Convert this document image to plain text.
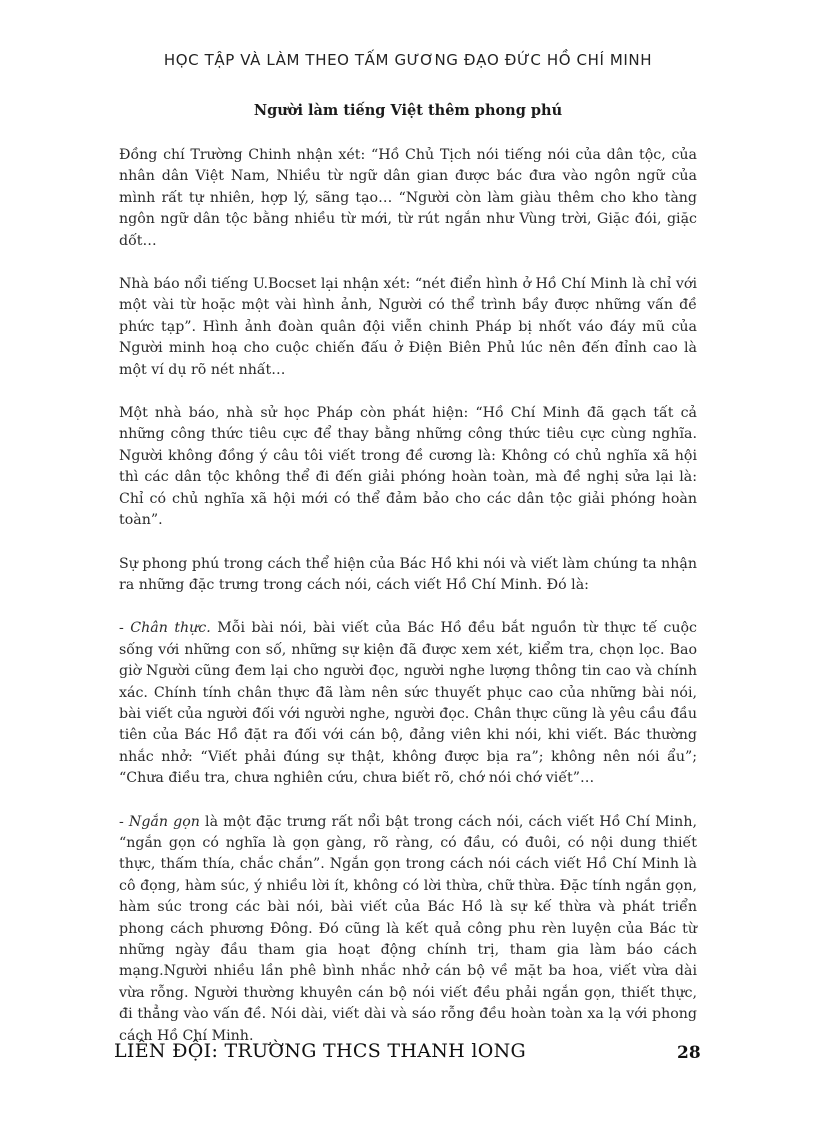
HỌC TẬP VÀ LÀM THEO TẤM GƯƠNG ĐẠO ĐỨC HỒ CHÍ MINH
Người làm tiếng Việt thêm phong phú

Đồng chí Trường Chinh nhận xét: “Hồ Chủ Tịch nói tiếng nói của dân tộc, của nhân dân Việt Nam, Nhiều từ ngữ dân gian được bác đưa vào ngôn ngữ của mình rất tự nhiên, hợp lý, sãng tạo… “Người còn làm giàu thêm cho kho tàng ngôn ngữ dân tộc bằng nhiều từ mới, từ rút ngắn như Vùng trời, Giặc đói, giặc dốt…

Nhà báo nổi tiếng U.Bocset lại nhận xét: “nét điển hình ở Hồ Chí Minh là chỉ với một vài từ hoặc một vài hình ảnh, Người có thể trình bầy được những vấn đề phức tạp”. Hình ảnh đoàn quân đội viễn chinh Pháp bị nhốt váo đáy mũ của Người minh hoạ cho cuộc chiến đấu ở Điện Biên Phủ lúc nên đến đỉnh cao là một ví dụ rõ nét nhất…

Một nhà báo, nhà sử học Pháp còn phát hiện: “Hồ Chí Minh đã gạch tất cả những công thức tiêu cực để thay bằng những công thức tiêu cực cùng nghĩa. Người không đồng ý câu tôi viết trong đề cương là: Không có chủ nghĩa xã hội thì các dân tộc không thể đi đến giải phóng hoàn toàn, mà đề nghị sửa lại là: Chỉ có chủ nghĩa xã hội mới có thể đảm bảo cho các dân tộc giải phóng hoàn toàn”.

Sự phong phú trong cách thể hiện của Bác Hồ khi nói và viết làm chúng ta nhận ra những đặc trưng trong cách nói, cách viết Hồ Chí Minh. Đó là:

- Chân thực. Mỗi bài nói, bài viết của Bác Hồ đều bắt nguồn từ thực tế cuộc sống với những con số, những sự kiện đã được xem xét, kiểm tra, chọn lọc. Bao giờ Người cũng đem lại cho người đọc, người nghe lượng thông tin cao và chính xác. Chính tính chân thực đã làm nên sức thuyết phục cao của những bài nói, bài viết của người đối với người nghe, người đọc. Chân thực cũng là yêu cầu đầu tiên của Bác Hồ đặt ra đối với cán bộ, đảng viên khi nói, khi viết. Bác thường nhắc nhở: “Viết phải đúng sự thật, không được bịa ra”; không nên nói ẩu”; “Chưa điều tra, chưa nghiên cứu, chưa biết rõ, chớ nói chớ viết”…

- Ngắn gọn là một đặc trưng rất nổi bật trong cách nói, cách viết Hồ Chí Minh, “ngắn gọn có nghĩa là gọn gàng, rõ ràng, có đầu, có đuôi, có nội dung thiết thực, thấm thía, chắc chắn”. Ngắn gọn trong cách nói cách viết Hồ Chí Minh là cô đọng, hàm súc, ý nhiều lời ít, không có lời thừa, chữ thừa. Đặc tính ngắn gọn, hàm súc trong các bài nói, bài viết của Bác Hồ là sự kế thừa và phát triển phong cách phương Đông. Đó cũng là kết quả công phu rèn luyện của Bác từ những ngày đầu tham gia hoạt động chính trị, tham gia làm báo cách mạng.Người nhiều lần phê bình nhắc nhở cán bộ về mặt ba hoa, viết vừa dài vừa rỗng. Người thường khuyên cán bộ nói viết đều phải ngắn gọn, thiết thực, đi thẳng vào vấn đề. Nói dài, viết dài và sáo rỗng đều hoàn toàn xa lạ với phong cách Hồ Chí Minh.

LIÊN ĐỘI: TRƯỜNG THCS THANH lONG	28
